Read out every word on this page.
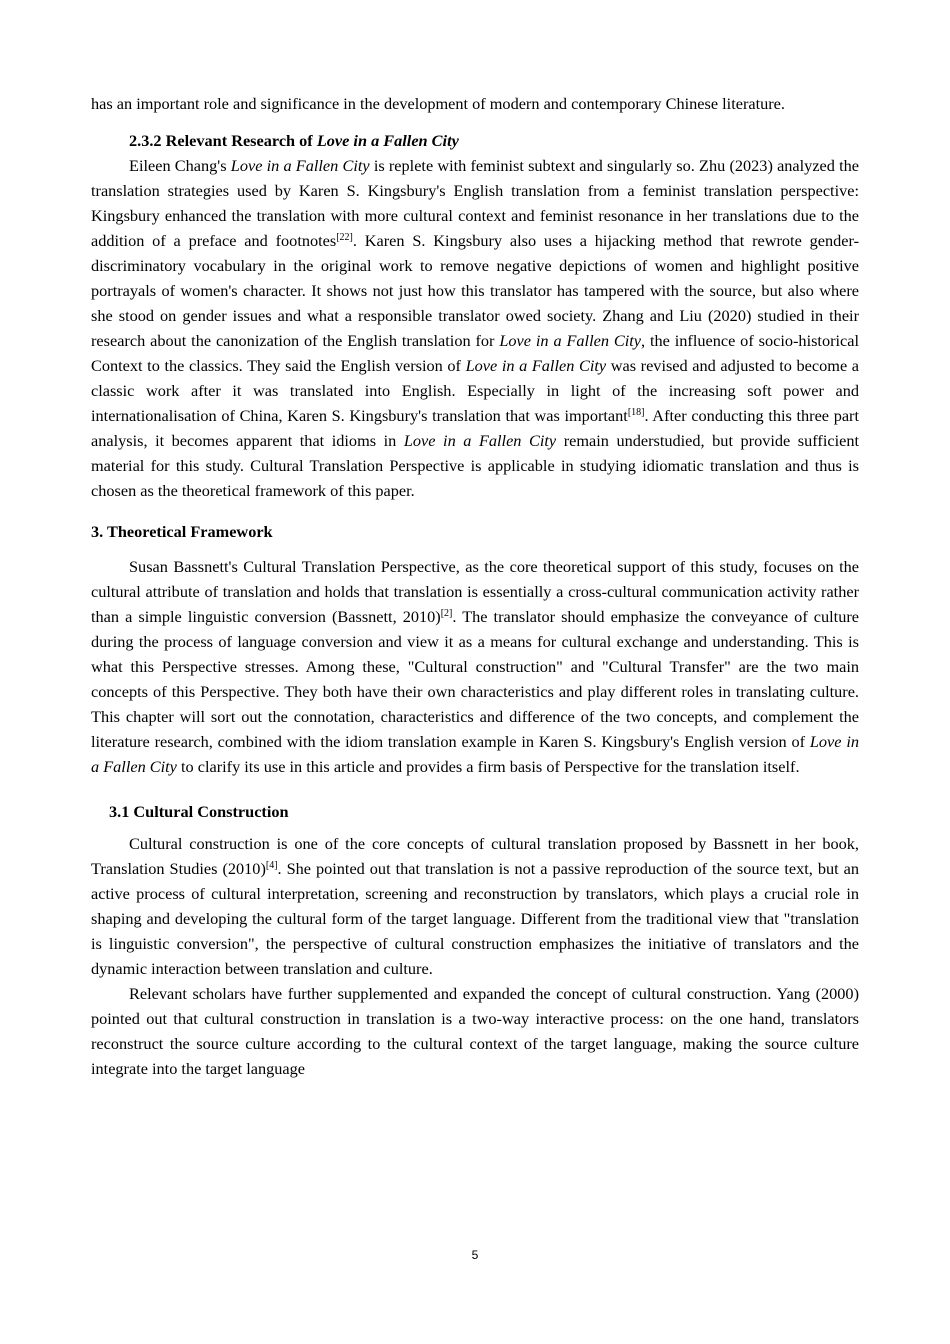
has an important role and significance in the development of modern and contemporary Chinese literature.

2.3.2 Relevant Research of Love in a Fallen City

Eileen Chang's Love in a Fallen City is replete with feminist subtext and singularly so. Zhu (2023) analyzed the translation strategies used by Karen S. Kingsbury's English translation from a feminist translation perspective: Kingsbury enhanced the translation with more cultural context and feminist resonance in her translations due to the addition of a preface and footnotes[22]. Karen S. Kingsbury also uses a hijacking method that rewrote gender-discriminatory vocabulary in the original work to remove negative depictions of women and highlight positive portrayals of women's character. It shows not just how this translator has tampered with the source, but also where she stood on gender issues and what a responsible translator owed society. Zhang and Liu (2020) studied in their research about the canonization of the English translation for Love in a Fallen City, the influence of socio-historical Context to the classics. They said the English version of Love in a Fallen City was revised and adjusted to become a classic work after it was translated into English. Especially in light of the increasing soft power and internationalisation of China, Karen S. Kingsbury's translation that was important[18]. After conducting this three part analysis, it becomes apparent that idioms in Love in a Fallen City remain understudied, but provide sufficient material for this study. Cultural Translation Perspective is applicable in studying idiomatic translation and thus is chosen as the theoretical framework of this paper.

3. Theoretical Framework

Susan Bassnett's Cultural Translation Perspective, as the core theoretical support of this study, focuses on the cultural attribute of translation and holds that translation is essentially a cross-cultural communication activity rather than a simple linguistic conversion (Bassnett, 2010)[2]. The translator should emphasize the conveyance of culture during the process of language conversion and view it as a means for cultural exchange and understanding. This is what this Perspective stresses. Among these, "Cultural construction" and "Cultural Transfer" are the two main concepts of this Perspective. They both have their own characteristics and play different roles in translating culture. This chapter will sort out the connotation, characteristics and difference of the two concepts, and complement the literature research, combined with the idiom translation example in Karen S. Kingsbury's English version of Love in a Fallen City to clarify its use in this article and provides a firm basis of Perspective for the translation itself.

3.1 Cultural Construction

Cultural construction is one of the core concepts of cultural translation proposed by Bassnett in her book, Translation Studies (2010)[4]. She pointed out that translation is not a passive reproduction of the source text, but an active process of cultural interpretation, screening and reconstruction by translators, which plays a crucial role in shaping and developing the cultural form of the target language. Different from the traditional view that "translation is linguistic conversion", the perspective of cultural construction emphasizes the initiative of translators and the dynamic interaction between translation and culture.

Relevant scholars have further supplemented and expanded the concept of cultural construction. Yang (2000) pointed out that cultural construction in translation is a two-way interactive process: on the one hand, translators reconstruct the source culture according to the cultural context of the target language, making the source culture integrate into the target language

5
